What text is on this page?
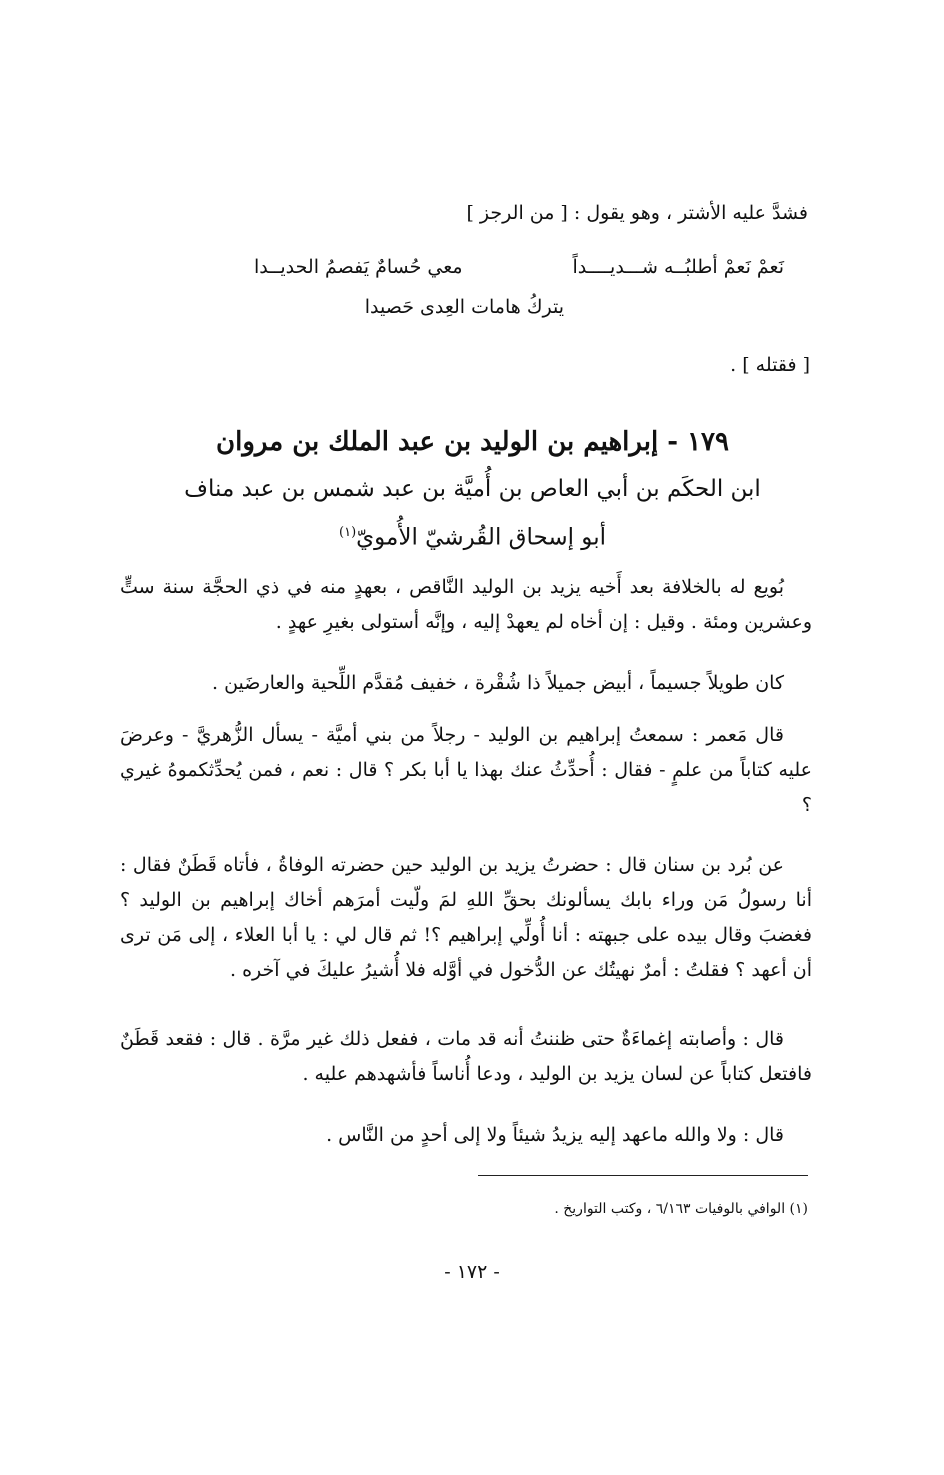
فشدَّ عليه الأشتر ، وهو يقول : [ من الرجز ]
نَعمْ نَعمْ أطلبُــه شـــديــــداً
معي حُسامٌ يَفصمُ الحديــدا
يتركُ هامات العِدى حَصيدا
[ فقتله ] .
١٧٩ - إبراهيم بن الوليد بن عبد الملك بن مروان
ابن الحكَم بن أبي العاص بن أُميَّة بن عبد شمس بن عبد مناف
أبو إسحاق القُرشيّ الأُمويّ$^{(١)}$
بُويع له بالخلافة بعد أَخيه يزيد بن الوليد النَّاقص ، بعهدٍ منه في ذي الحجَّة سنة ستٍّ وعشرين ومئة . وقيل : إن أخاه لم يعهدْ إليه ، وإنَّه أستولى بغيرِ عهدٍ .
كان طويلاً جسيماً ، أبيض جميلاً ذا شُقْرة ، خفيف مُقدَّم اللِّحية والعارضَين .
قال مَعمر : سمعتُ إبراهيم بن الوليد - رجلاً من بني أميَّة - يسأل الزُّهريَّ - وعرضَ عليه كتاباً من علمٍ - فقال : أُحدِّثُ عنك بهذا يا أبا بكر ؟ قال : نعم ، فمن يُحدِّثكموهُ غيري ؟
عن بُرد بن سنان قال : حضرتُ يزيد بن الوليد حين حضرته الوفاةُ ، فأتاه قَطَنٌ فقال : أنا رسولُ مَن وراء بابك يسألونك بحقِّ اللهِ لمَ ولّيت أمرَهم أخاك إبراهيم بن الوليد ؟ فغضبَ وقال بيده على جبهته : أنا أُولِّي إبراهيم ؟! ثم قال لي : يا أبا العلاء ، إلى مَن ترى أن أعهد ؟ فقلتُ : أمرٌ نهيتُك عن الدُّخول في أوَّله فلا أُشيرُ عليكَ في آخره .
قال : وأصابته إغماءَةٌ حتى ظننتُ أنه قد مات ، ففعل ذلك غير مرَّة . قال : فقعد قَطَنٌ فافتعل كتاباً عن لسان يزيد بن الوليد ، ودعا أُناساً فأشهدهم عليه .
قال : ولا والله ماعهد إليه يزيدُ شيئاً ولا إلى أحدٍ من النَّاس .
(١) الوافي بالوفيات ٦/١٦٣ ، وكتب التواريخ .
- ١٧٢ -
